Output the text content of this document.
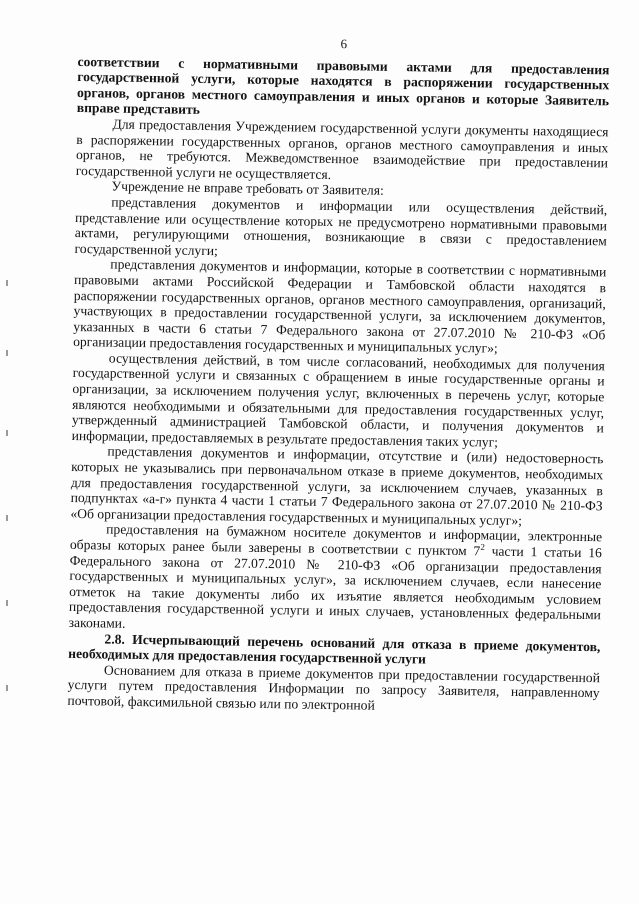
6

соответствии с нормативными правовыми актами для предоставления государственной услуги, которые находятся в распоряжении государственных органов, органов местного самоуправления и иных органов и которые Заявитель вправе представить

Для предоставления Учреждением государственной услуги документы находящиеся в распоряжении государственных органов, органов местного самоуправления и иных органов, не требуются. Межведомственное взаимодействие при предоставлении государственной услуги не осуществляется.

Учреждение не вправе требовать от Заявителя:

представления документов и информации или осуществления действий, представление или осуществление которых не предусмотрено нормативными правовыми актами, регулирующими отношения, возникающие в связи с предоставлением государственной услуги;

представления документов и информации, которые в соответствии с нормативными правовыми актами Российской Федерации и Тамбовской области находятся в распоряжении государственных органов, органов местного самоуправления, организаций, участвующих в предоставлении государственной услуги, за исключением документов, указанных в части 6 статьи 7 Федерального закона от 27.07.2010 № 210-ФЗ «Об организации предоставления государственных и муниципальных услуг»;

осуществления действий, в том числе согласований, необходимых для получения государственной услуги и связанных с обращением в иные государственные органы и организации, за исключением получения услуг, включенных в перечень услуг, которые являются необходимыми и обязательными для предоставления государственных услуг, утвержденный администрацией Тамбовской области, и получения документов и информации, предоставляемых в результате предоставления таких услуг;

представления документов и информации, отсутствие и (или) недостоверность которых не указывались при первоначальном отказе в приеме документов, необходимых для предоставления государственной услуги, за исключением случаев, указанных в подпунктах «а-г» пункта 4 части 1 статьи 7 Федерального закона от 27.07.2010 № 210-ФЗ «Об организации предоставления государственных и муниципальных услуг»;

предоставления на бумажном носителе документов и информации, электронные образы которых ранее были заверены в соответствии с пунктом $7^2$ части 1 статьи 16 Федерального закона от 27.07.2010 № 210-ФЗ «Об организации предоставления государственных и муниципальных услуг», за исключением случаев, если нанесение отметок на такие документы либо их изъятие является необходимым условием предоставления государственной услуги и иных случаев, установленных федеральными законами.

2.8. Исчерпывающий перечень оснований для отказа в приеме документов, необходимых для предоставления государственной услуги

Основанием для отказа в приеме документов при предоставлении государственной услуги путем предоставления Информации по запросу Заявителя, направленному почтовой, факсимильной связью или по электронной
